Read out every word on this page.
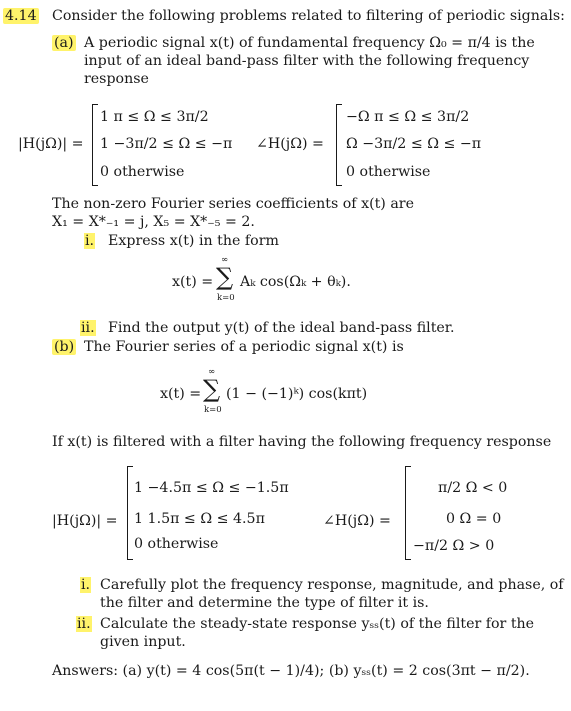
4.14 Consider the following problems related to filtering of periodic signals:
(a) A periodic signal x(t) of fundamental frequency Ω₀ = π/4 is the
input of an ideal band-pass filter with the following frequency
response
|H(jΩ)| =
1 π ≤ Ω ≤ 3π/2
1 −3π/2 ≤ Ω ≤ −π
0 otherwise
∠H(jΩ) =
−Ω π ≤ Ω ≤ 3π/2
Ω −3π/2 ≤ Ω ≤ −π
0 otherwise
The non-zero Fourier series coefficients of x(t) are
X₁ = X*₋₁ = j, X₅ = X*₋₅ = 2.
i. Express x(t) in the form
x(t) =
∞
∑
k=0
Aₖ cos(Ωₖ + θₖ).
ii. Find the output y(t) of the ideal band-pass filter.
(b) The Fourier series of a periodic signal x(t) is
x(t) =
∞
∑
k=0
(1 − (−1)ᵏ) cos(kπt)
If x(t) is filtered with a filter having the following frequency response
|H(jΩ)| =
1 −4.5π ≤ Ω ≤ −1.5π
1 1.5π ≤ Ω ≤ 4.5π
0 otherwise
∠H(jΩ) =
π/2 Ω < 0
0 Ω = 0
−π/2 Ω > 0
i. Carefully plot the frequency response, magnitude, and phase, of
the filter and determine the type of filter it is.
ii. Calculate the steady-state response yₛₛ(t) of the filter for the
given input.
Answers: (a) y(t) = 4 cos(5π(t − 1)/4); (b) yₛₛ(t) = 2 cos(3πt − π/2).
